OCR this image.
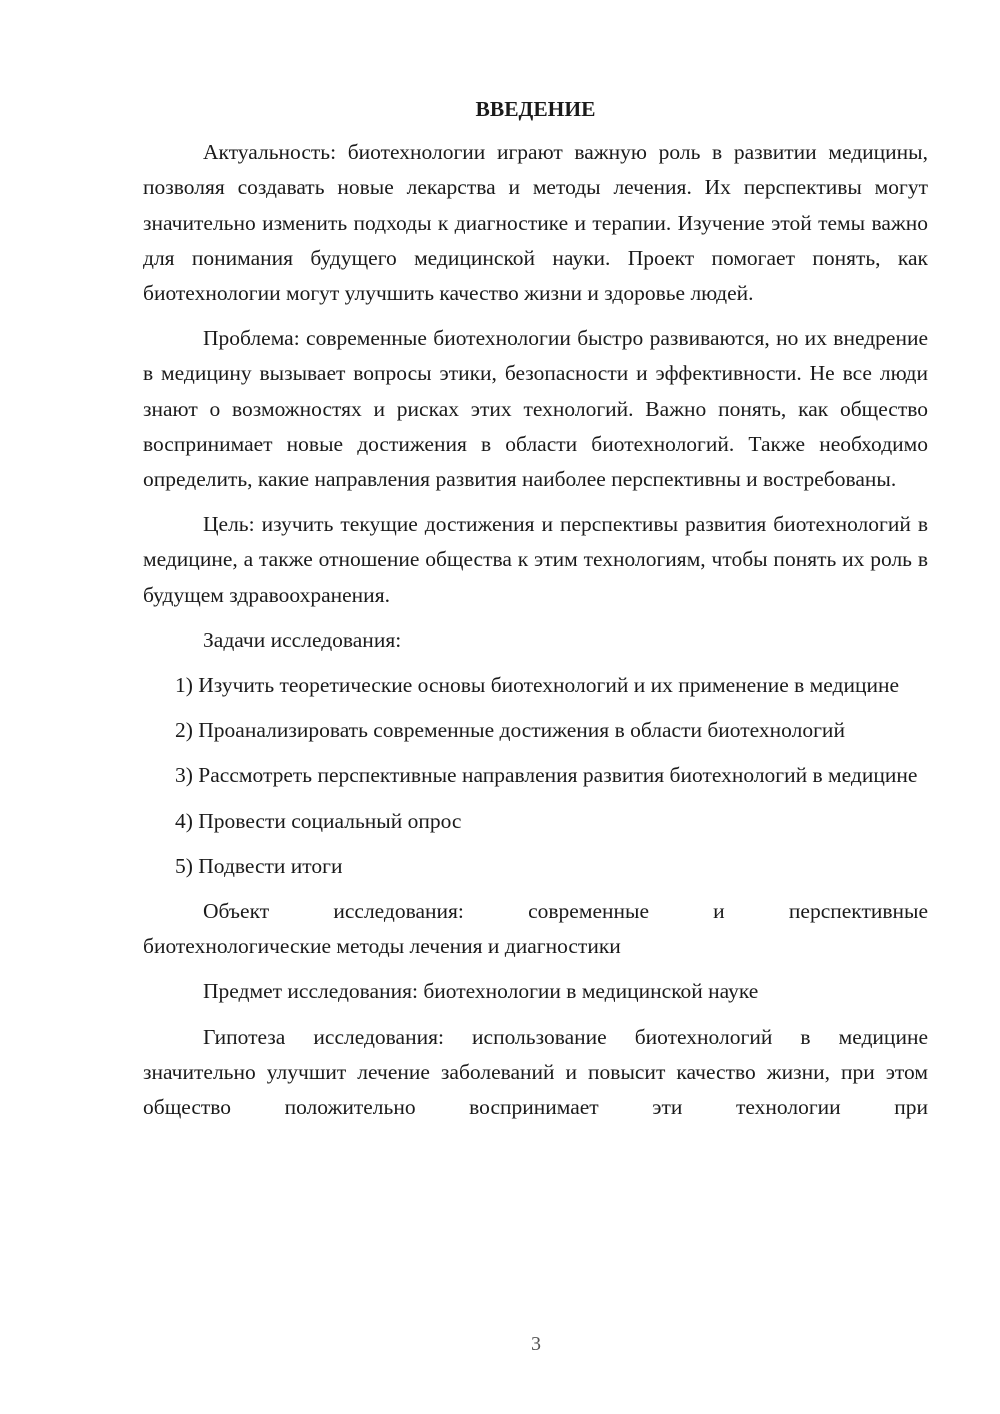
ВВЕДЕНИЕ

Актуальность: биотехнологии играют важную роль в развитии медицины, позволяя создавать новые лекарства и методы лечения. Их перспективы могут значительно изменить подходы к диагностике и терапии. Изучение этой темы важно для понимания будущего медицинской науки. Проект помогает понять, как биотехнологии могут улучшить качество жизни и здоровье людей.

Проблема: современные биотехнологии быстро развиваются, но их внедрение в медицину вызывает вопросы этики, безопасности и эффективности. Не все люди знают о возможностях и рисках этих технологий. Важно понять, как общество воспринимает новые достижения в области биотехнологий. Также необходимо определить, какие направления развития наиболее перспективны и востребованы.

Цель: изучить текущие достижения и перспективы развития биотехнологий в медицине, а также отношение общества к этим технологиям, чтобы понять их роль в будущем здравоохранения.

Задачи исследования:

1) Изучить теоретические основы биотехнологий и их применение в медицине

2) Проанализировать современные достижения в области биотехнологий

3) Рассмотреть перспективные направления развития биотехнологий в медицине

4) Провести социальный опрос

5) Подвести итоги

Объект исследования: современные и перспективные
биотехнологические методы лечения и диагностики

Предмет исследования: биотехнологии в медицинской науке

Гипотеза исследования: использование биотехнологий в медицине значительно улучшит лечение заболеваний и повысит качество жизни, при этом общество положительно воспринимает эти технологии при

3
